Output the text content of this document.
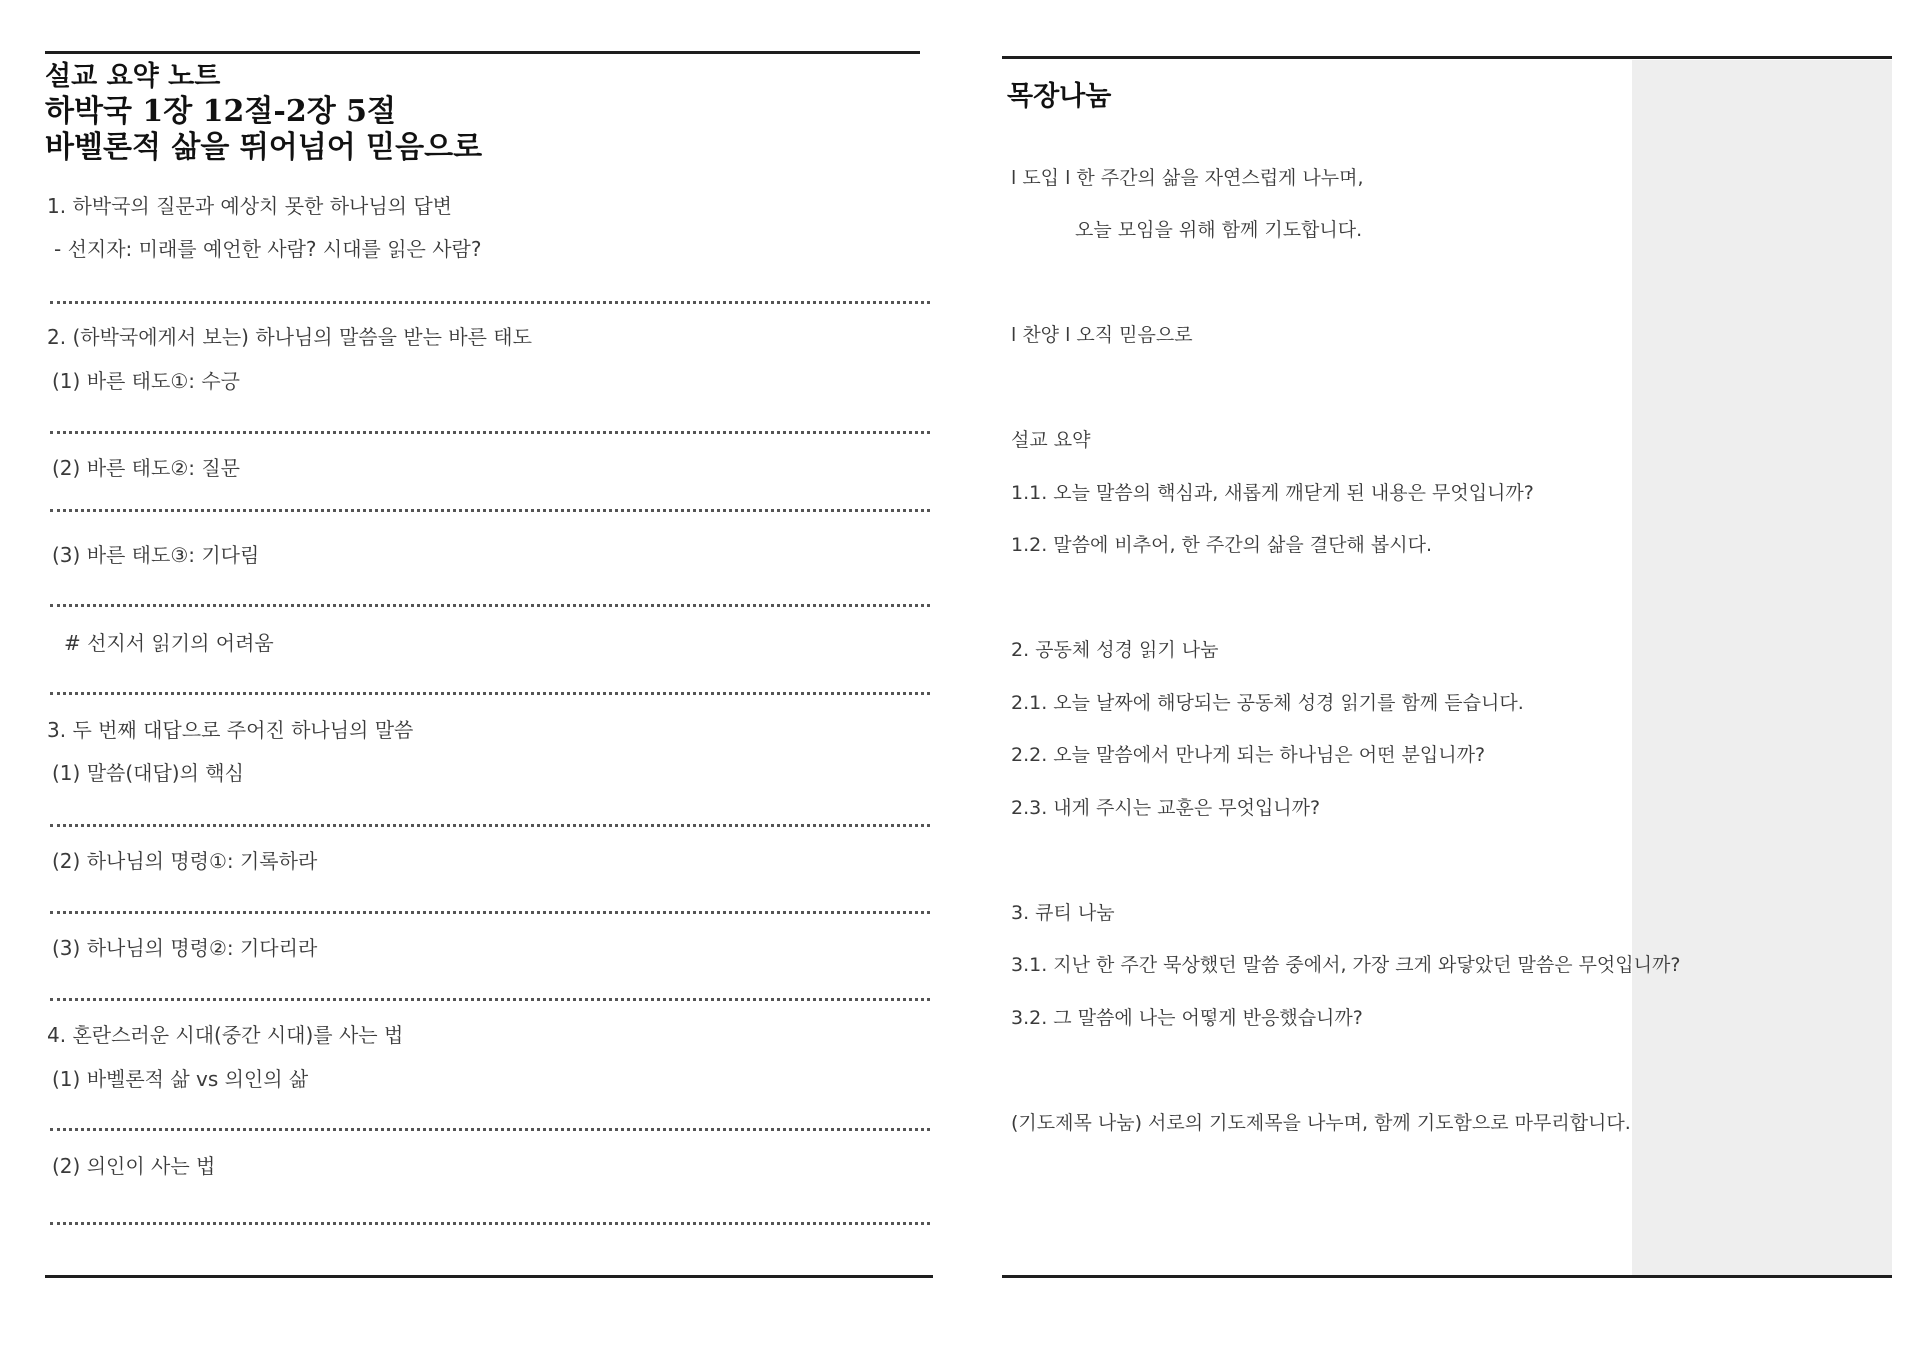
설교 요약 노트
하박국 1장 12절-2장 5절
바벨론적 삶을 뛰어넘어 믿음으로
1. 하박국의 질문과 예상치 못한 하나님의 답변
- 선지자: 미래를 예언한 사람? 시대를 읽은 사람?
2. (하박국에게서 보는) 하나님의 말씀을 받는 바른 태도
(1) 바른 태도①: 수긍
(2) 바른 태도②: 질문
(3) 바른 태도③: 기다림
# 선지서 읽기의 어려움
3. 두 번째 대답으로 주어진 하나님의 말씀
(1) 말씀(대답)의 핵심
(2) 하나님의 명령①: 기록하라
(3) 하나님의 명령②: 기다리라
4. 혼란스러운 시대(중간 시대)를 사는 법
(1) 바벨론적 삶 vs 의인의 삶
(2) 의인이 사는 법
목장나눔
l 도입 l 한 주간의 삶을 자연스럽게 나누며,
오늘 모임을 위해 함께 기도합니다.
l 찬양 l 오직 믿음으로
설교 요약
1.1. 오늘 말씀의 핵심과, 새롭게 깨닫게 된 내용은 무엇입니까?
1.2. 말씀에 비추어, 한 주간의 삶을 결단해 봅시다.
2. 공동체 성경 읽기 나눔
2.1. 오늘 날짜에 해당되는 공동체 성경 읽기를 함께 듣습니다.
2.2. 오늘 말씀에서 만나게 되는 하나님은 어떤 분입니까?
2.3. 내게 주시는 교훈은 무엇입니까?
3. 큐티 나눔
3.1. 지난 한 주간 묵상했던 말씀 중에서, 가장 크게 와닿았던 말씀은 무엇입니까?
3.2. 그 말씀에 나는 어떻게 반응했습니까?
(기도제목 나눔) 서로의 기도제목을 나누며, 함께 기도함으로 마무리합니다.
